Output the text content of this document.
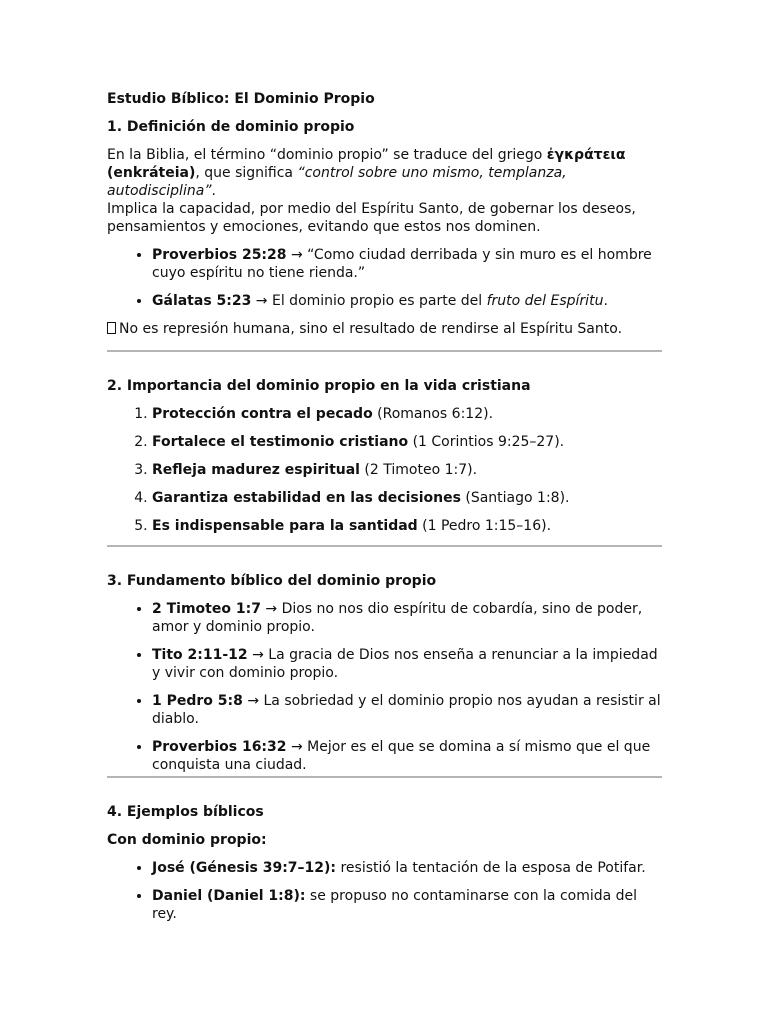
Estudio Bíblico: El Dominio Propio

1. Definición de dominio propio

En la Biblia, el término “dominio propio” se traduce del griego ἐγκράτεια (enkráteia), que significa “control sobre uno mismo, templanza, autodisciplina”.

Implica la capacidad, por medio del Espíritu Santo, de gobernar los deseos, pensamientos y emociones, evitando que estos nos dominen.

• Proverbios 25:28 → “Como ciudad derribada y sin muro es el hombre cuyo espíritu no tiene rienda.”
• Gálatas 5:23 → El dominio propio es parte del fruto del Espíritu.

No es represión humana, sino el resultado de rendirse al Espíritu Santo.

2. Importancia del dominio propio en la vida cristiana

1. Protección contra el pecado (Romanos 6:12).
2. Fortalece el testimonio cristiano (1 Corintios 9:25–27).
3. Refleja madurez espiritual (2 Timoteo 1:7).
4. Garantiza estabilidad en las decisiones (Santiago 1:8).
5. Es indispensable para la santidad (1 Pedro 1:15–16).

3. Fundamento bíblico del dominio propio

• 2 Timoteo 1:7 → Dios no nos dio espíritu de cobardía, sino de poder, amor y dominio propio.
• Tito 2:11-12 → La gracia de Dios nos enseña a renunciar a la impiedad y vivir con dominio propio.
• 1 Pedro 5:8 → La sobriedad y el dominio propio nos ayudan a resistir al diablo.
• Proverbios 16:32 → Mejor es el que se domina a sí mismo que el que conquista una ciudad.

4. Ejemplos bíblicos

Con dominio propio:

• José (Génesis 39:7–12): resistió la tentación de la esposa de Potifar.
• Daniel (Daniel 1:8): se propuso no contaminarse con la comida del rey.
